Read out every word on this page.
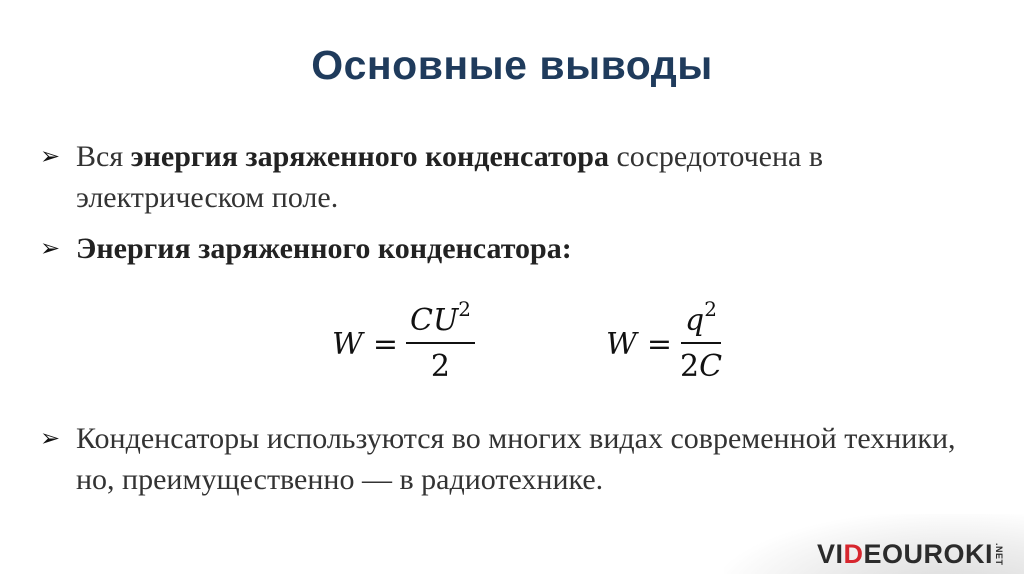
Основные выводы

➢ Вся энергия заряженного конденсатора сосредоточена в электрическом поле.

➢ Энергия заряженного конденсатора:

$W = \frac{CU^2}{2}$	$W = \frac{q^2}{2C}$

➢ Конденсаторы используются во многих видах современной техники, но, преимущественно — в радиотехнике.

VI D EOUROKI .NET
